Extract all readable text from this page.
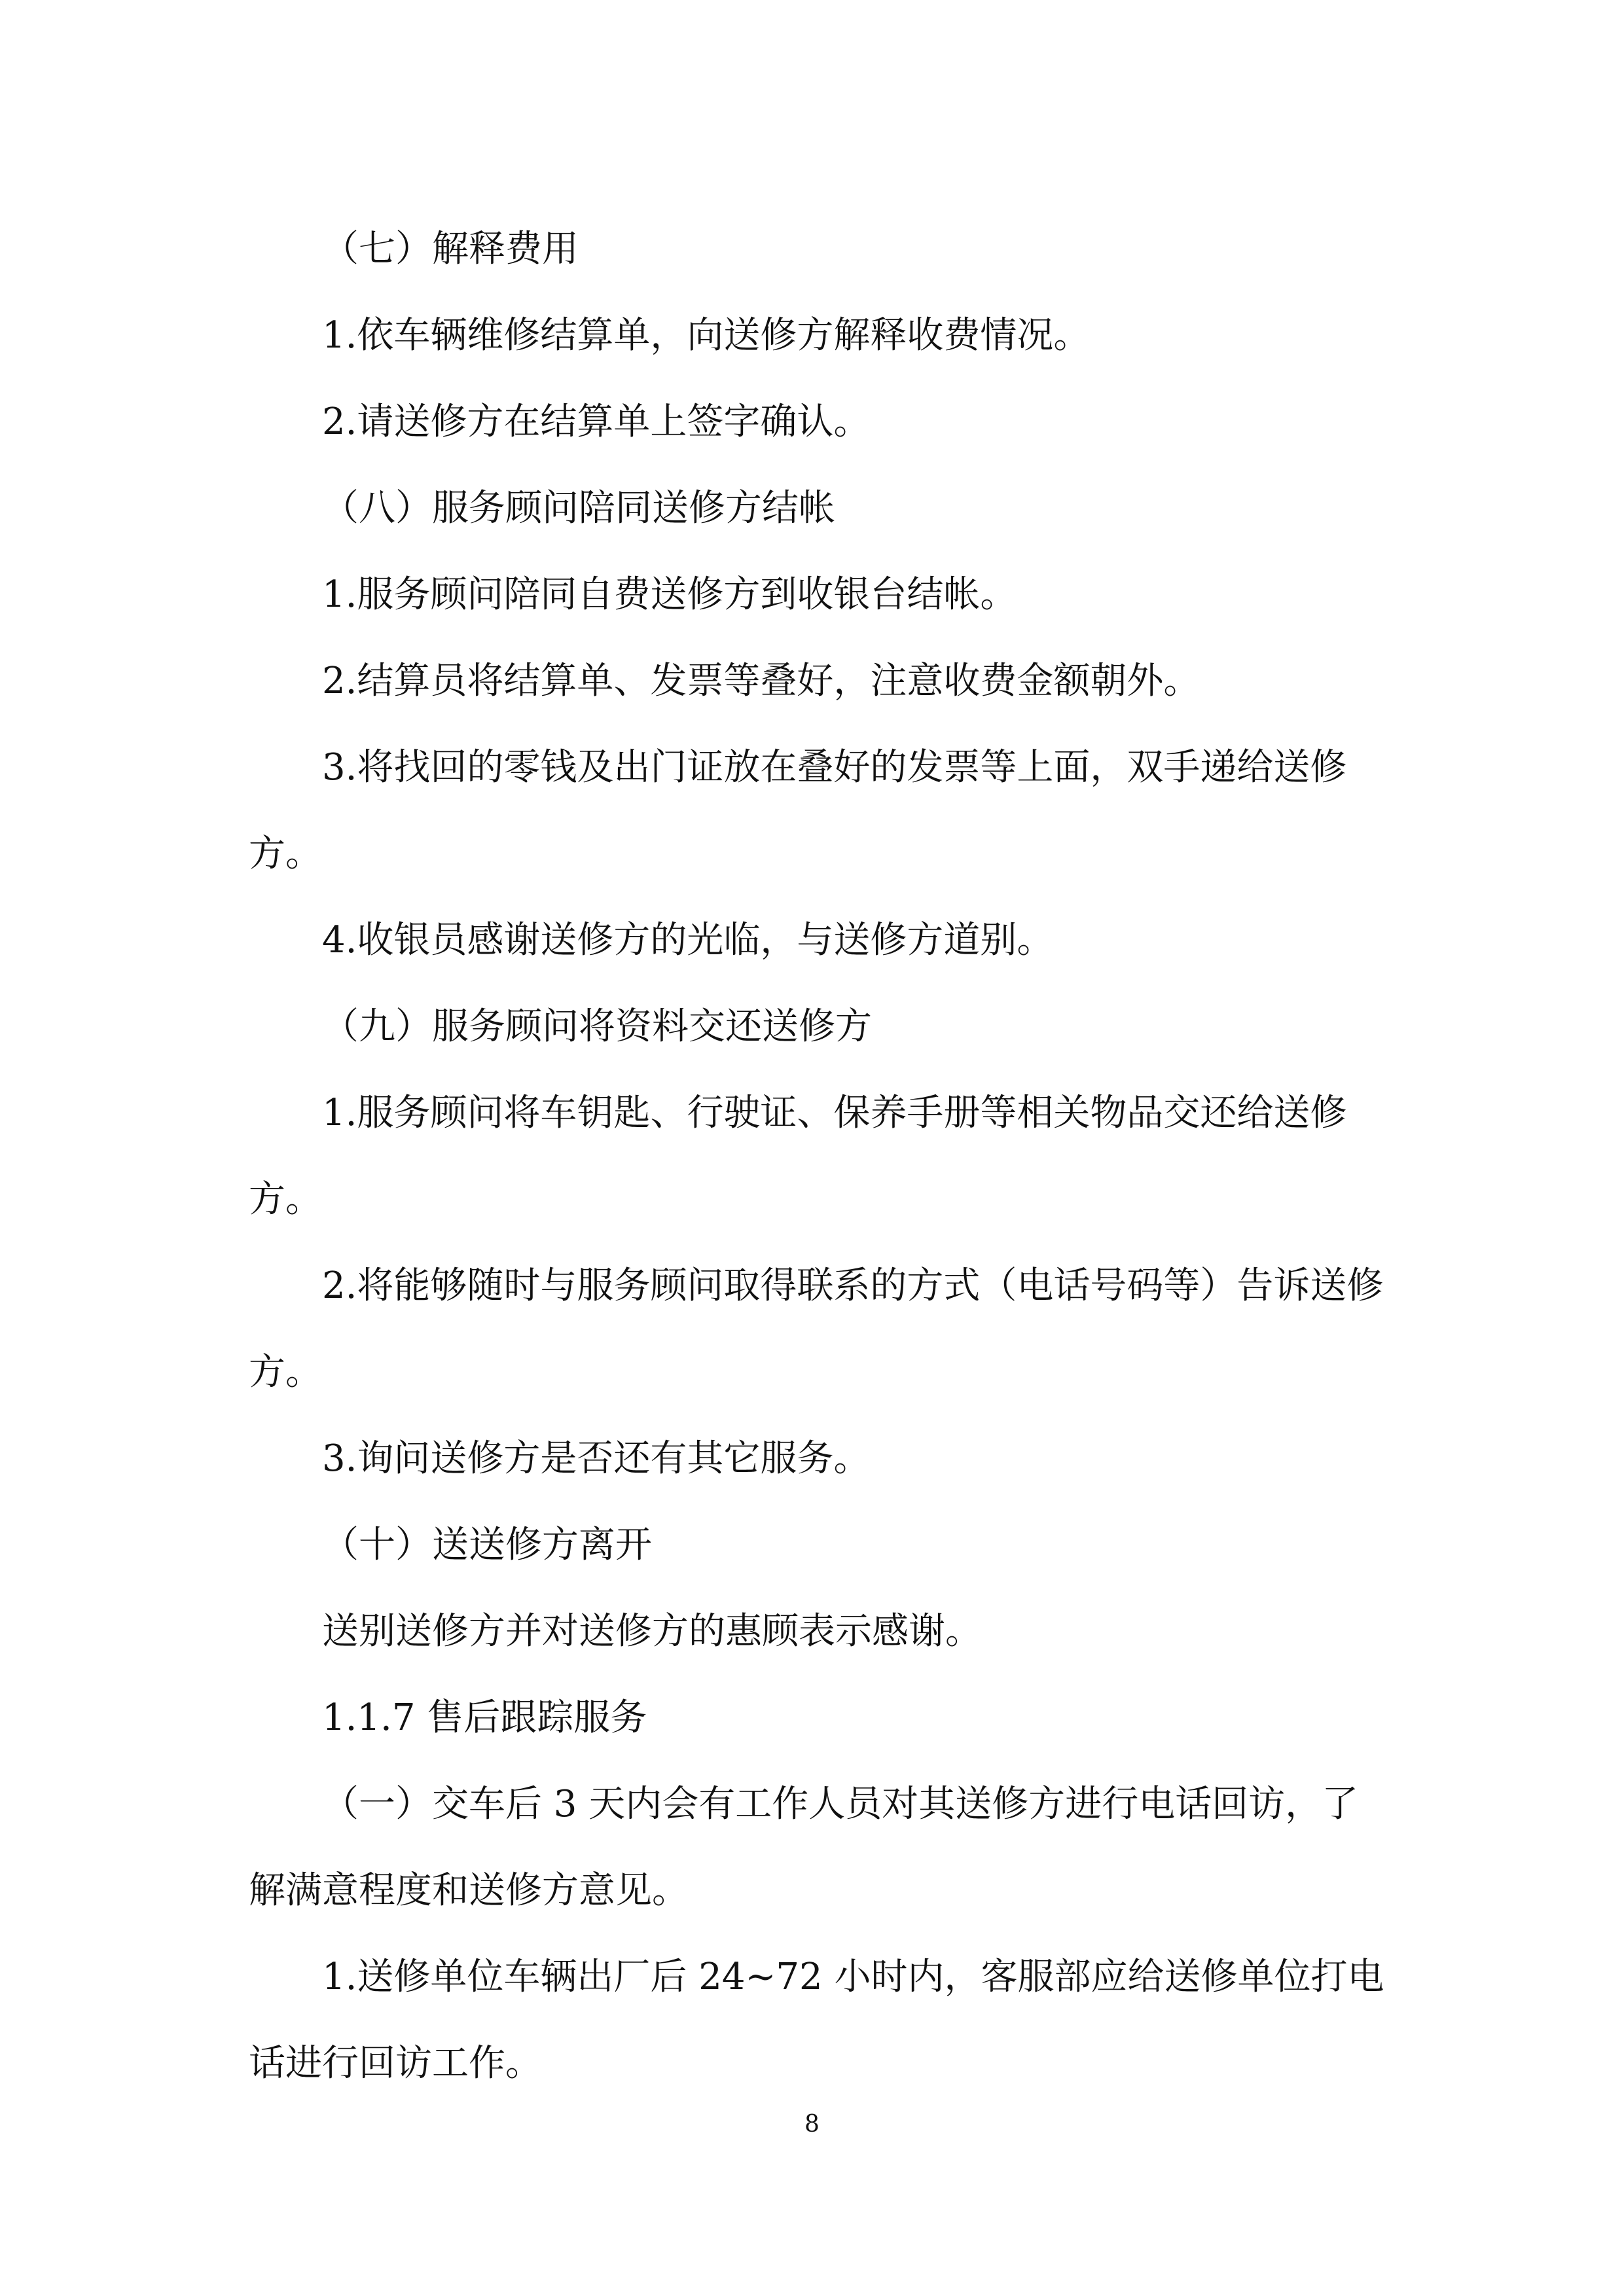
（七）解释费用

1.依车辆维修结算单，向送修方解释收费情况。

2.请送修方在结算单上签字确认。

（八）服务顾问陪同送修方结帐

1.服务顾问陪同自费送修方到收银台结帐。

2.结算员将结算单、发票等叠好，注意收费金额朝外。

3.将找回的零钱及出门证放在叠好的发票等上面，双手递给送修方。

4.收银员感谢送修方的光临，与送修方道别。

（九）服务顾问将资料交还送修方

1.服务顾问将车钥匙、行驶证、保养手册等相关物品交还给送修方。

2.将能够随时与服务顾问取得联系的方式（电话号码等）告诉送修方。

3.询问送修方是否还有其它服务。

（十）送送修方离开

送别送修方并对送修方的惠顾表示感谢。

1.1.7 售后跟踪服务

（一）交车后 3 天内会有工作人员对其送修方进行电话回访，了解满意程度和送修方意见。

1.送修单位车辆出厂后 24~72 小时内，客服部应给送修单位打电话进行回访工作。

8
